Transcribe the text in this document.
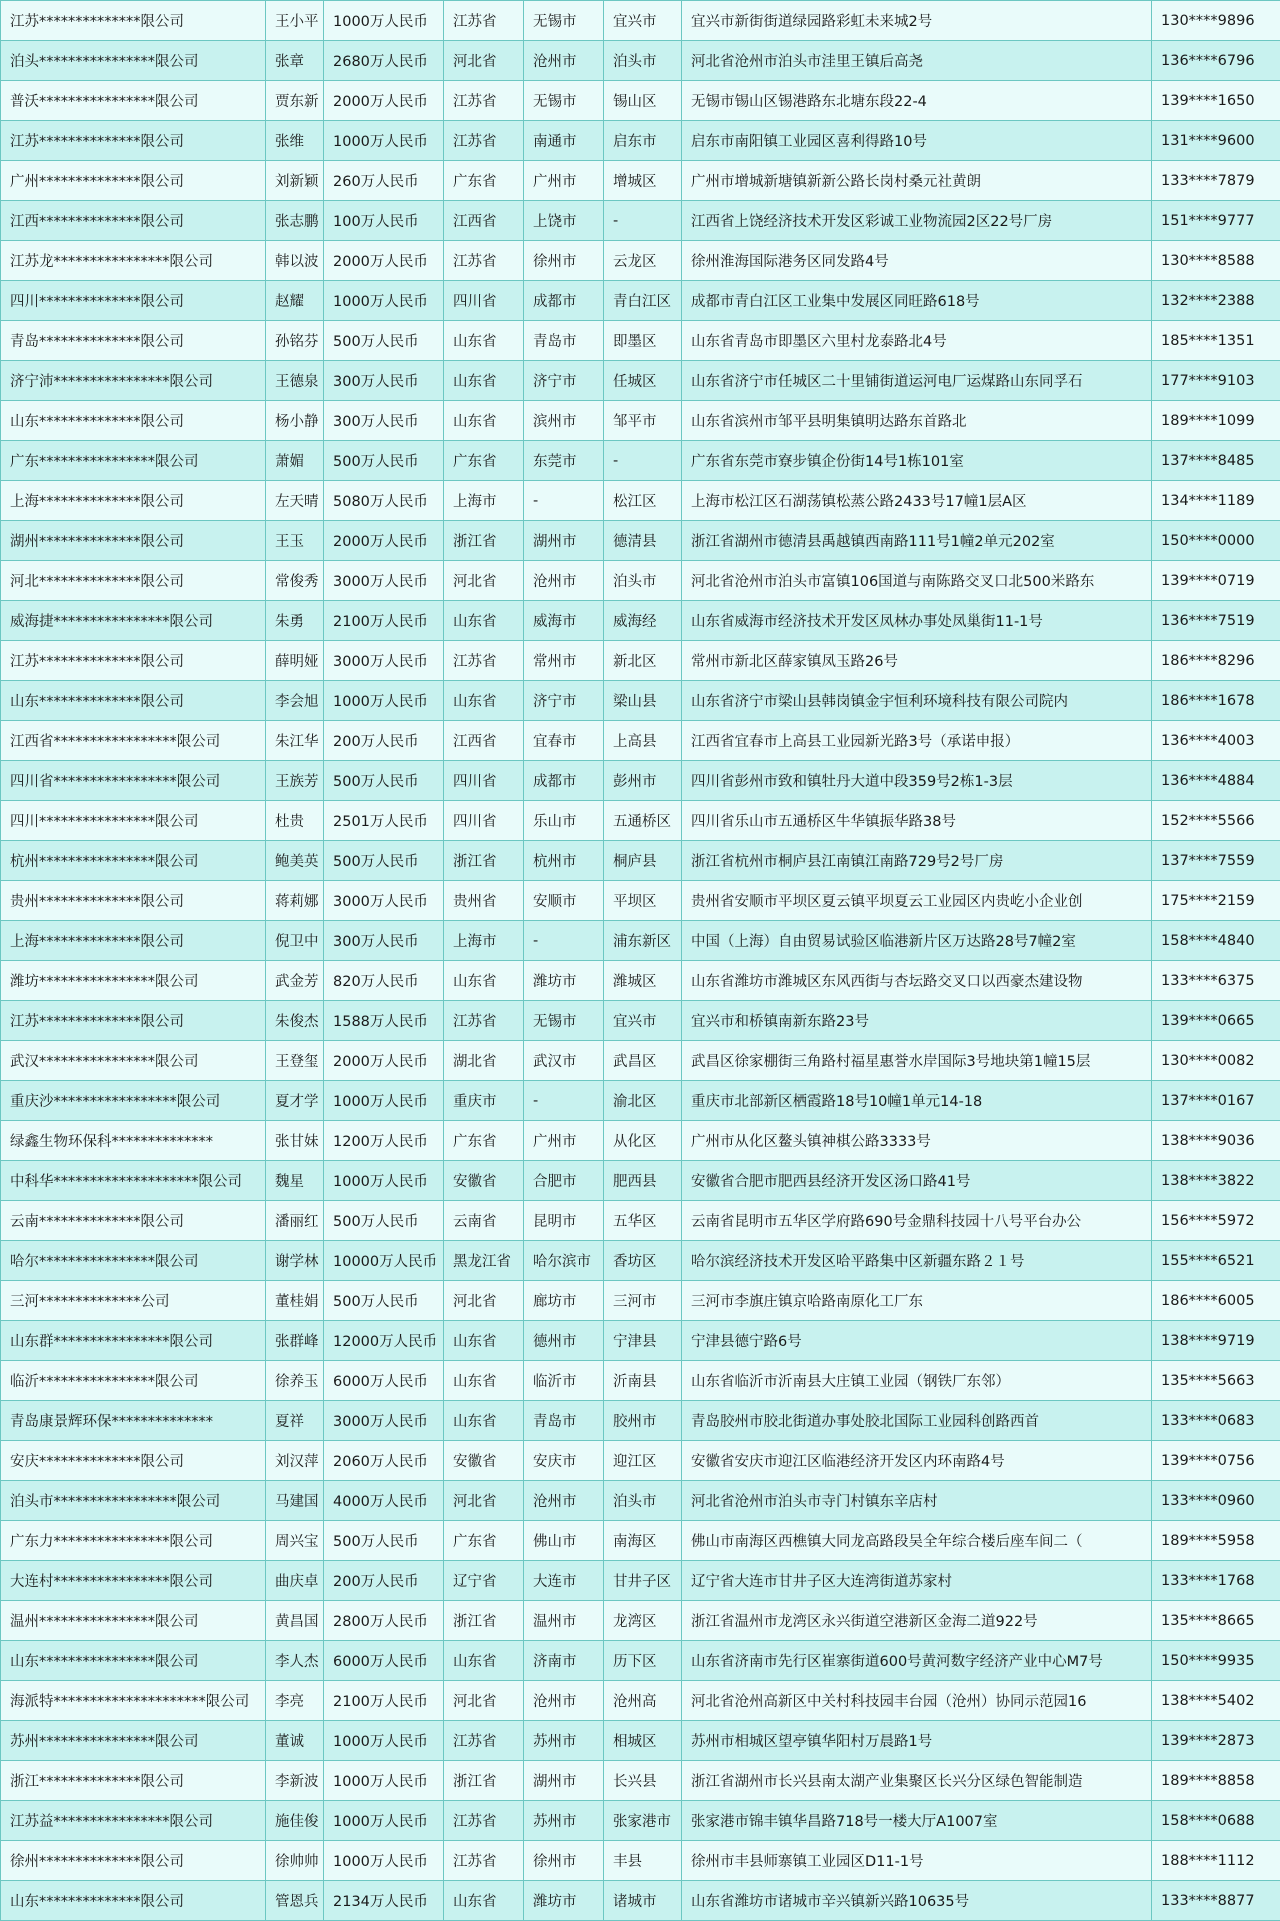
江苏**************限公司	王小平	1000万人民币	江苏省	无锡市	宜兴市	宜兴市新街街道绿园路彩虹未来城2号	130****9896
泊头****************限公司	张章	2680万人民币	河北省	沧州市	泊头市	河北省沧州市泊头市洼里王镇后高尧	136****6796
普沃****************限公司	贾东新	2000万人民币	江苏省	无锡市	锡山区	无锡市锡山区锡港路东北塘东段22-4	139****1650
江苏**************限公司	张维	1000万人民币	江苏省	南通市	启东市	启东市南阳镇工业园区喜利得路10号	131****9600
广州**************限公司	刘新颖	260万人民币	广东省	广州市	增城区	广州市增城新塘镇新新公路长岗村桑元社黄朗	133****7879
江西**************限公司	张志鹏	100万人民币	江西省	上饶市	-	江西省上饶经济技术开发区彩诚工业物流园2区22号厂房	151****9777
江苏龙****************限公司	韩以波	2000万人民币	江苏省	徐州市	云龙区	徐州淮海国际港务区同发路4号	130****8588
四川**************限公司	赵耀	1000万人民币	四川省	成都市	青白江区	成都市青白江区工业集中发展区同旺路618号	132****2388
青岛**************限公司	孙铭芬	500万人民币	山东省	青岛市	即墨区	山东省青岛市即墨区六里村龙泰路北4号	185****1351
济宁沛****************限公司	王德泉	300万人民币	山东省	济宁市	任城区	山东省济宁市任城区二十里铺街道运河电厂运煤路山东同孚石	177****9103
山东**************限公司	杨小静	300万人民币	山东省	滨州市	邹平市	山东省滨州市邹平县明集镇明达路东首路北	189****1099
广东****************限公司	萧媚	500万人民币	广东省	东莞市	-	广东省东莞市寮步镇企份街14号1栋101室	137****8485
上海**************限公司	左天晴	5080万人民币	上海市	-	松江区	上海市松江区石湖荡镇松蒸公路2433号17幢1层A区	134****1189
湖州**************限公司	王玉	2000万人民币	浙江省	湖州市	德清县	浙江省湖州市德清县禹越镇西南路111号1幢2单元202室	150****0000
河北**************限公司	常俊秀	3000万人民币	河北省	沧州市	泊头市	河北省沧州市泊头市富镇106国道与南陈路交叉口北500米路东	139****0719
威海捷****************限公司	朱勇	2100万人民币	山东省	威海市	威海经	山东省威海市经济技术开发区凤林办事处凤巢街11-1号	136****7519
江苏**************限公司	薛明娅	3000万人民币	江苏省	常州市	新北区	常州市新北区薛家镇凤玉路26号	186****8296
山东**************限公司	李会旭	1000万人民币	山东省	济宁市	梁山县	山东省济宁市梁山县韩岗镇金宇恒利环境科技有限公司院内	186****1678
江西省*****************限公司	朱江华	200万人民币	江西省	宜春市	上高县	江西省宜春市上高县工业园新光路3号（承诺申报）	136****4003
四川省*****************限公司	王族芳	500万人民币	四川省	成都市	彭州市	四川省彭州市致和镇牡丹大道中段359号2栋1-3层	136****4884
四川****************限公司	杜贵	2501万人民币	四川省	乐山市	五通桥区	四川省乐山市五通桥区牛华镇振华路38号	152****5566
杭州****************限公司	鲍美英	500万人民币	浙江省	杭州市	桐庐县	浙江省杭州市桐庐县江南镇江南路729号2号厂房	137****7559
贵州**************限公司	蒋莉娜	3000万人民币	贵州省	安顺市	平坝区	贵州省安顺市平坝区夏云镇平坝夏云工业园区内贵屹小企业创	175****2159
上海**************限公司	倪卫中	300万人民币	上海市	-	浦东新区	中国（上海）自由贸易试验区临港新片区万达路28号7幢2室	158****4840
潍坊****************限公司	武金芳	820万人民币	山东省	潍坊市	潍城区	山东省潍坊市潍城区东风西街与杏坛路交叉口以西豪杰建设物	133****6375
江苏**************限公司	朱俊杰	1588万人民币	江苏省	无锡市	宜兴市	宜兴市和桥镇南新东路23号	139****0665
武汉****************限公司	王登玺	2000万人民币	湖北省	武汉市	武昌区	武昌区徐家棚街三角路村福星惠誉水岸国际3号地块第1幢15层	130****0082
重庆沙*****************限公司	夏才学	1000万人民币	重庆市	-	渝北区	重庆市北部新区栖霞路18号10幢1单元14-18	137****0167
绿鑫生物环保科**************	张甘妹	1200万人民币	广东省	广州市	从化区	广州市从化区鳌头镇神棋公路3333号	138****9036
中科华********************限公司	魏星	1000万人民币	安徽省	合肥市	肥西县	安徽省合肥市肥西县经济开发区汤口路41号	138****3822
云南**************限公司	潘丽红	500万人民币	云南省	昆明市	五华区	云南省昆明市五华区学府路690号金鼎科技园十八号平台办公	156****5972
哈尔****************限公司	谢学林	10000万人民币	黑龙江省	哈尔滨市	香坊区	哈尔滨经济技术开发区哈平路集中区新疆东路２１号	155****6521
三河**************公司	董桂娟	500万人民币	河北省	廊坊市	三河市	三河市李旗庄镇京哈路南原化工厂东	186****6005
山东群****************限公司	张群峰	12000万人民币	山东省	德州市	宁津县	宁津县德宁路6号	138****9719
临沂****************限公司	徐养玉	6000万人民币	山东省	临沂市	沂南县	山东省临沂市沂南县大庄镇工业园（钢铁厂东邻）	135****5663
青岛康景辉环保**************	夏祥	3000万人民币	山东省	青岛市	胶州市	青岛胶州市胶北街道办事处胶北国际工业园科创路西首	133****0683
安庆**************限公司	刘汉萍	2060万人民币	安徽省	安庆市	迎江区	安徽省安庆市迎江区临港经济开发区内环南路4号	139****0756
泊头市*****************限公司	马建国	4000万人民币	河北省	沧州市	泊头市	河北省沧州市泊头市寺门村镇东辛店村	133****0960
广东力****************限公司	周兴宝	500万人民币	广东省	佛山市	南海区	佛山市南海区西樵镇大同龙高路段吴全年综合楼后座车间二（	189****5958
大连村****************限公司	曲庆卓	200万人民币	辽宁省	大连市	甘井子区	辽宁省大连市甘井子区大连湾街道苏家村	133****1768
温州****************限公司	黄昌国	2800万人民币	浙江省	温州市	龙湾区	浙江省温州市龙湾区永兴街道空港新区金海二道922号	135****8665
山东****************限公司	李人杰	6000万人民币	山东省	济南市	历下区	山东省济南市先行区崔寨街道600号黄河数字经济产业中心M7号	150****9935
海派特*********************限公司	李亮	2100万人民币	河北省	沧州市	沧州高	河北省沧州高新区中关村科技园丰台园（沧州）协同示范园16	138****5402
苏州****************限公司	董诚	1000万人民币	江苏省	苏州市	相城区	苏州市相城区望亭镇华阳村万晨路1号	139****2873
浙江**************限公司	李新波	1000万人民币	浙江省	湖州市	长兴县	浙江省湖州市长兴县南太湖产业集聚区长兴分区绿色智能制造	189****8858
江苏益****************限公司	施佳俊	1000万人民币	江苏省	苏州市	张家港市	张家港市锦丰镇华昌路718号一楼大厅A1007室	158****0688
徐州**************限公司	徐帅帅	1000万人民币	江苏省	徐州市	丰县	徐州市丰县师寨镇工业园区D11-1号	188****1112
山东**************限公司	管恩兵	2134万人民币	山东省	潍坊市	诸城市	山东省潍坊市诸城市辛兴镇新兴路10635号	133****8877
